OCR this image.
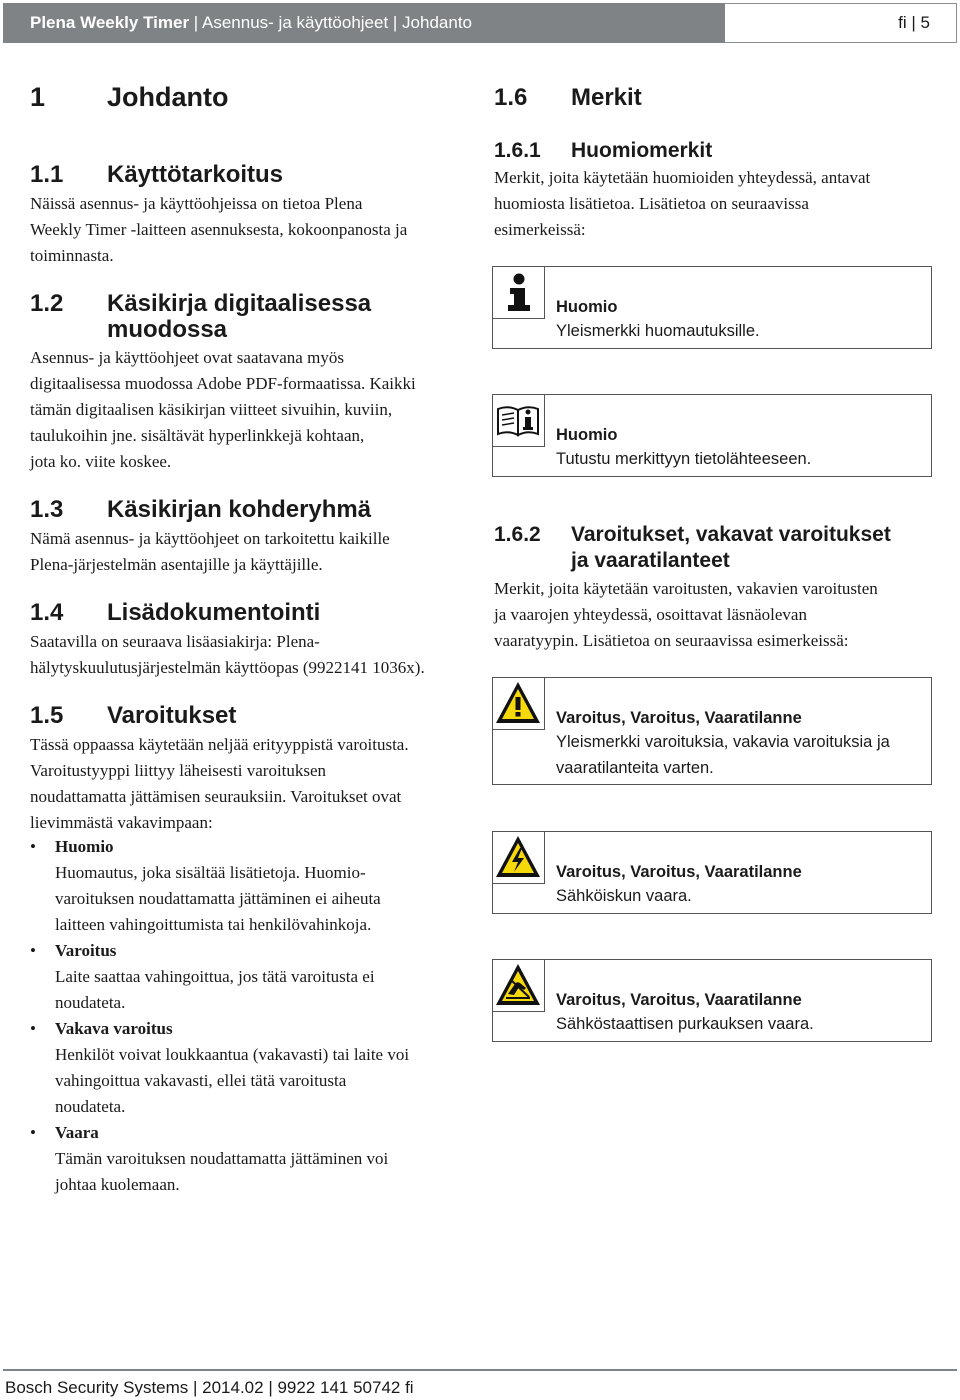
Plena Weekly Timer | Asennus- ja käyttöohjeet | Johdanto	fi | 5
1 Johdanto
1.1 Käyttötarkoitus
Näissä asennus- ja käyttöohjeissa on tietoa Plena
Weekly Timer -laitteen asennuksesta, kokoonpanosta ja
toiminnasta.
1.2 Käsikirja digitaalisessa
muodossa
Asennus- ja käyttöohjeet ovat saatavana myös
digitaalisessa muodossa Adobe PDF-formaatissa. Kaikki
tämän digitaalisen käsikirjan viitteet sivuihin, kuviin,
taulukoihin jne. sisältävät hyperlinkkejä kohtaan,
jota ko. viite koskee.
1.3 Käsikirjan kohderyhmä
Nämä asennus- ja käyttöohjeet on tarkoitettu kaikille
Plena-järjestelmän asentajille ja käyttäjille.
1.4 Lisädokumentointi
Saatavilla on seuraava lisäasiakirja: Plena-
hälytyskuulutusjärjestelmän käyttöopas (9922141 1036x).
1.5 Varoitukset
Tässä oppaassa käytetään neljää erityyppistä varoitusta.
Varoitustyyppi liittyy läheisesti varoituksen
noudattamatta jättämisen seurauksiin. Varoitukset ovat
lievimmästä vakavimpaan:
• Huomio
Huomautus, joka sisältää lisätietoja. Huomio-
varoituksen noudattamatta jättäminen ei aiheuta
laitteen vahingoittumista tai henkilövahinkoja.
• Varoitus
Laite saattaa vahingoittua, jos tätä varoitusta ei
noudateta.
• Vakava varoitus
Henkilöt voivat loukkaantua (vakavasti) tai laite voi
vahingoittua vakavasti, ellei tätä varoitusta
noudateta.
• Vaara
Tämän varoituksen noudattamatta jättäminen voi
johtaa kuolemaan.
1.6 Merkit
1.6.1 Huomiomerkit
Merkit, joita käytetään huomioiden yhteydessä, antavat
huomiosta lisätietoa. Lisätietoa on seuraavissa
esimerkeissä:
Huomio
Yleismerkki huomautuksille.
Huomio
Tutustu merkittyyn tietolähteeseen.
1.6.2 Varoitukset, vakavat varoitukset
ja vaaratilanteet
Merkit, joita käytetään varoitusten, vakavien varoitusten
ja vaarojen yhteydessä, osoittavat läsnäolevan
vaaratyypin. Lisätietoa on seuraavissa esimerkeissä:
Varoitus, Varoitus, Vaaratilanne
Yleismerkki varoituksia, vakavia varoituksia ja
vaaratilanteita varten.
Varoitus, Varoitus, Vaaratilanne
Sähköiskun vaara.
Varoitus, Varoitus, Vaaratilanne
Sähköstaattisen purkauksen vaara.
Bosch Security Systems | 2014.02 | 9922 141 50742 fi
